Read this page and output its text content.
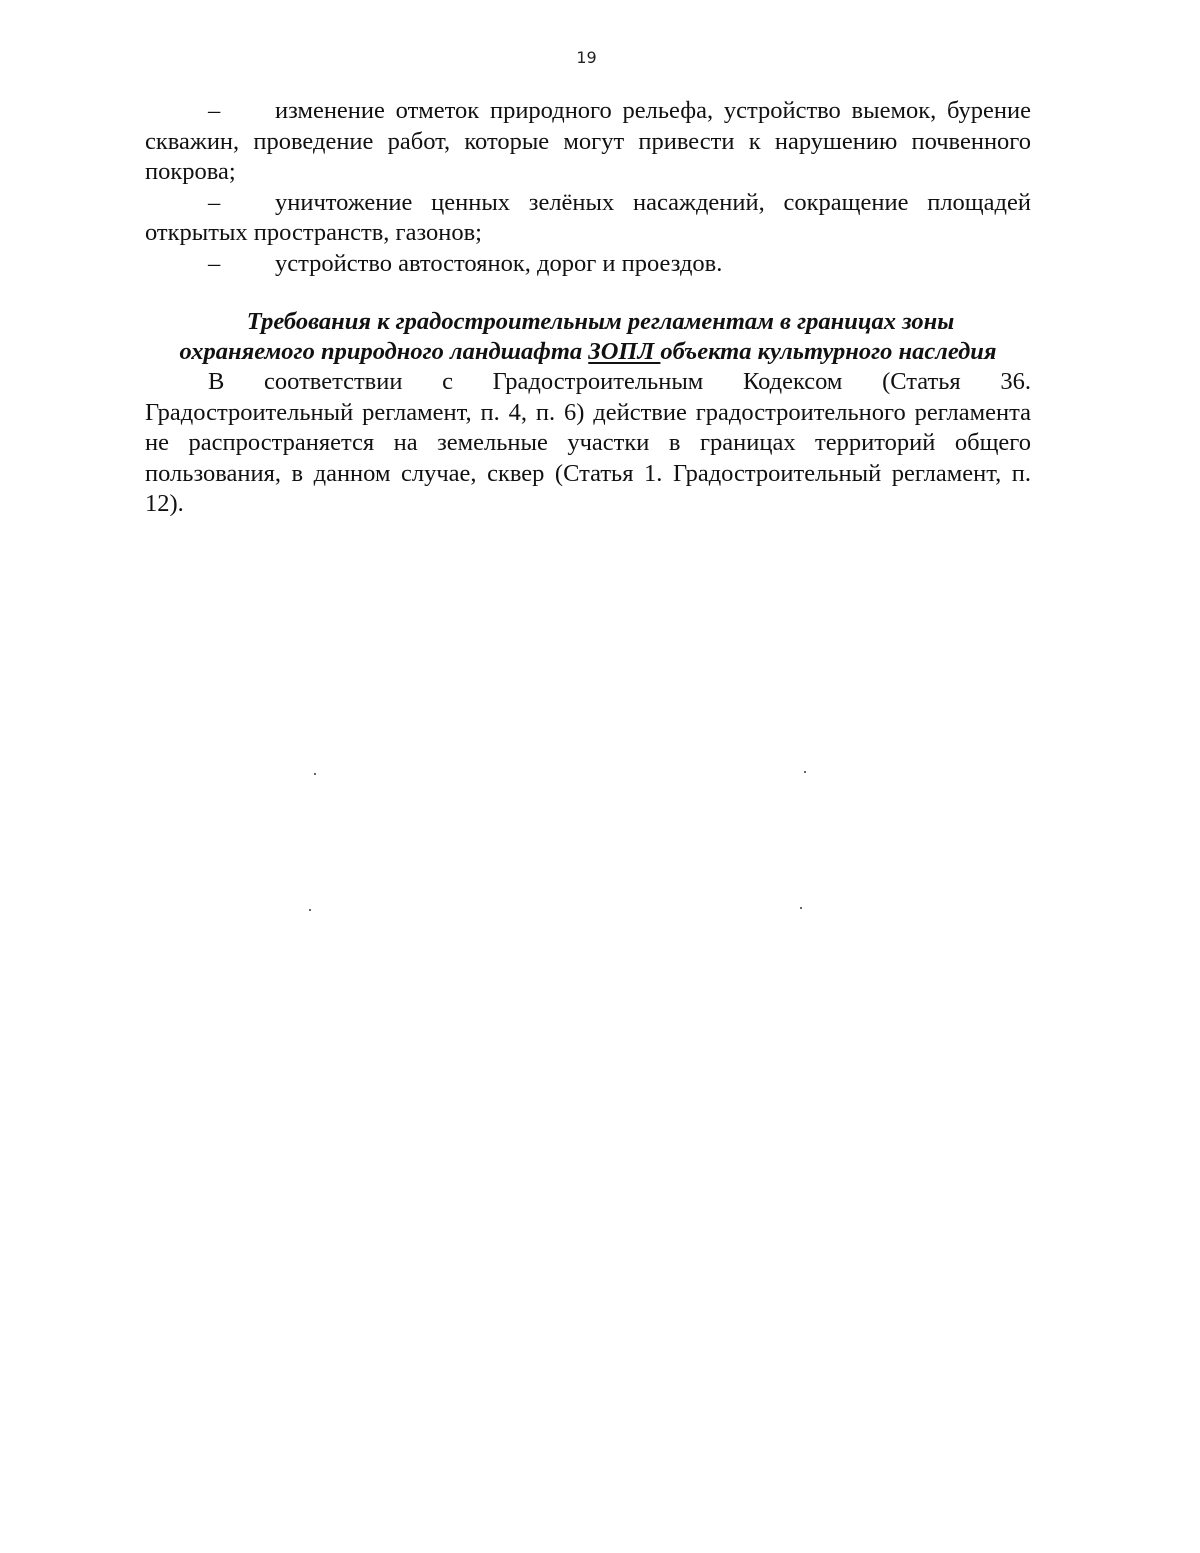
19

– изменение отметок природного рельефа, устройство выемок, бурение скважин, проведение работ, которые могут привести к нарушению почвенного покрова;

– уничтожение ценных зелёных насаждений, сокращение площадей открытых пространств, газонов;

– устройство автостоянок, дорог и проездов.

Требования к градостроительным регламентам в границах зоны
охраняемого природного ландшафта ЗОПЛ объекта культурного наследия

В соответствии с Градостроительным Кодексом (Статья 36. Градостроительный регламент, п. 4, п. 6) действие градостроительного регламента не распространяется на земельные участки в границах территорий общего пользования, в данном случае, сквер (Статья 1. Градостроительный регламент, п. 12).
